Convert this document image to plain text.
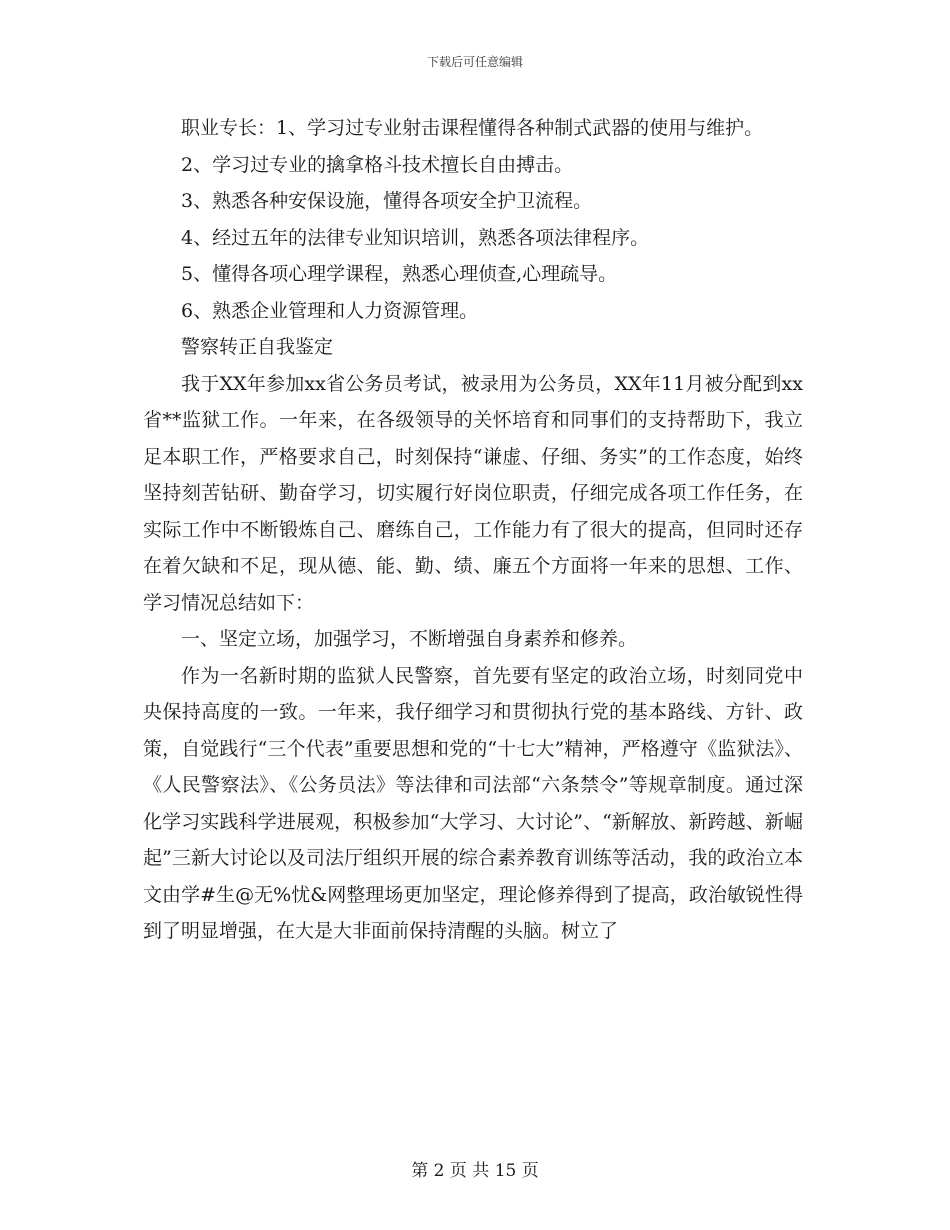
下载后可任意编辑

职业专长：1、学习过专业射击课程懂得各种制式武器的使用与维护。

2、学习过专业的擒拿格斗技术擅长自由搏击。

3、熟悉各种安保设施，懂得各项安全护卫流程。

4、经过五年的法律专业知识培训，熟悉各项法律程序。

5、懂得各项心理学课程，熟悉心理侦查,心理疏导。

6、熟悉企业管理和人力资源管理。

警察转正自我鉴定

我于XX年参加xx省公务员考试，被录用为公务员，XX年11月被分配到xx省**监狱工作。一年来，在各级领导的关怀培育和同事们的支持帮助下，我立足本职工作，严格要求自己，时刻保持“谦虚、仔细、务实”的工作态度，始终坚持刻苦钻研、勤奋学习，切实履行好岗位职责，仔细完成各项工作任务，在实际工作中不断锻炼自己、磨练自己，工作能力有了很大的提高，但同时还存在着欠缺和不足，现从德、能、勤、绩、廉五个方面将一年来的思想、工作、学习情况总结如下：

一、坚定立场，加强学习，不断增强自身素养和修养。

作为一名新时期的监狱人民警察，首先要有坚定的政治立场，时刻同党中央保持高度的一致。一年来，我仔细学习和贯彻执行党的基本路线、方针、政策，自觉践行“三个代表”重要思想和党的“十七大”精神，严格遵守《监狱法》、《人民警察法》、《公务员法》等法律和司法部“六条禁令”等规章制度。通过深化学习实践科学进展观，积极参加“大学习、大讨论”、“新解放、新跨越、新崛起”三新大讨论以及司法厅组织开展的综合素养教育训练等活动，我的政治立本文由学#生@无%忧&网整理场更加坚定，理论修养得到了提高，政治敏锐性得到了明显增强，在大是大非面前保持清醒的头脑。树立了

第 2 页 共 15 页
